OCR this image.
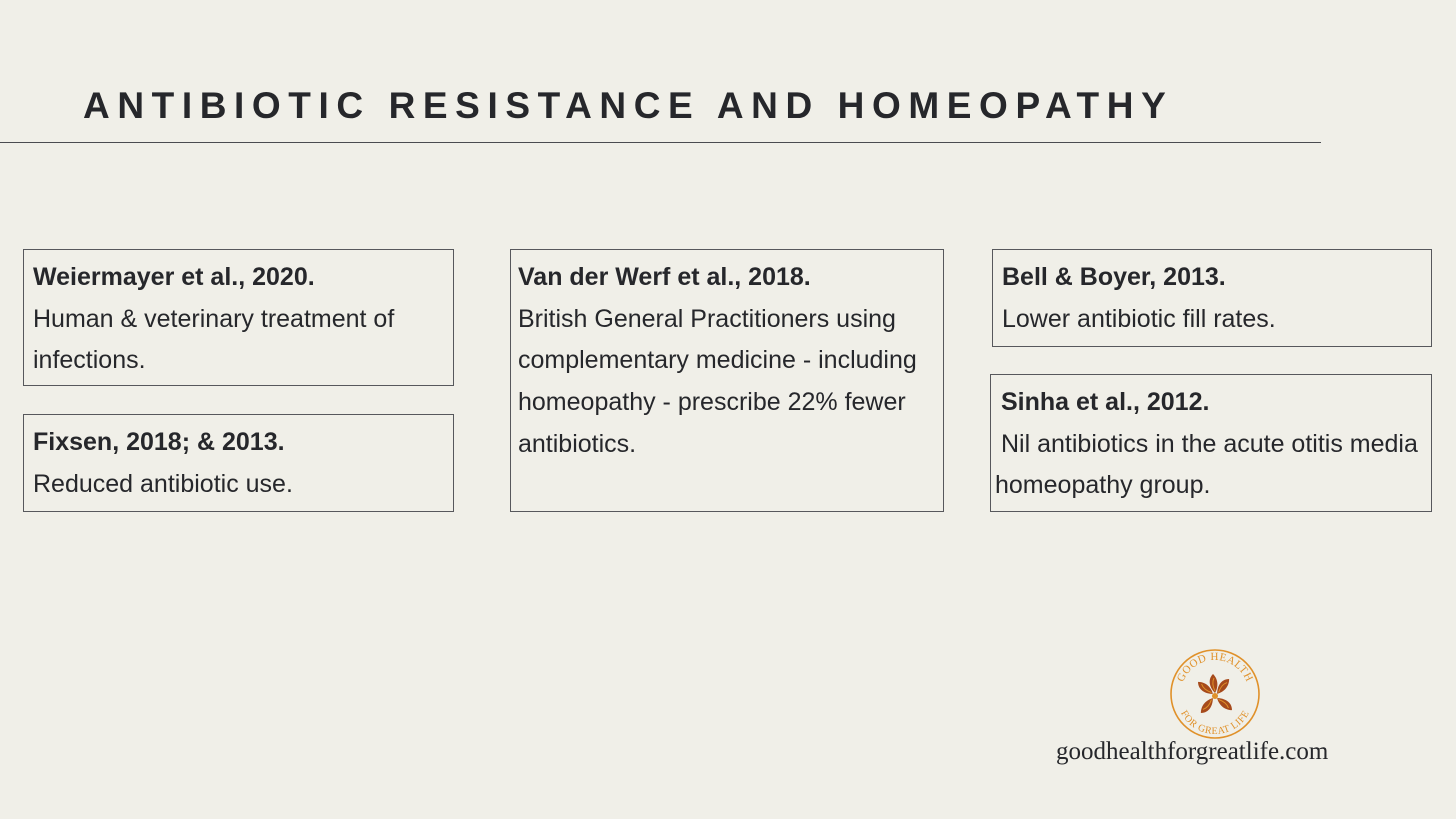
ANTIBIOTIC RESISTANCE AND HOMEOPATHY
Weiermayer et al., 2020.
Human & veterinary treatment of infections.
Fixsen, 2018; & 2013.
Reduced antibiotic use.
Van der Werf et al., 2018.
British General Practitioners using complementary medicine - including homeopathy - prescribe 22% fewer antibiotics.
Bell & Boyer, 2013.
Lower antibiotic fill rates.
Sinha et al., 2012.
Nil antibiotics in the acute otitis media homeopathy group.
GOOD HEALTH
FOR GREAT LIFE
goodhealthforgreatlife.com
